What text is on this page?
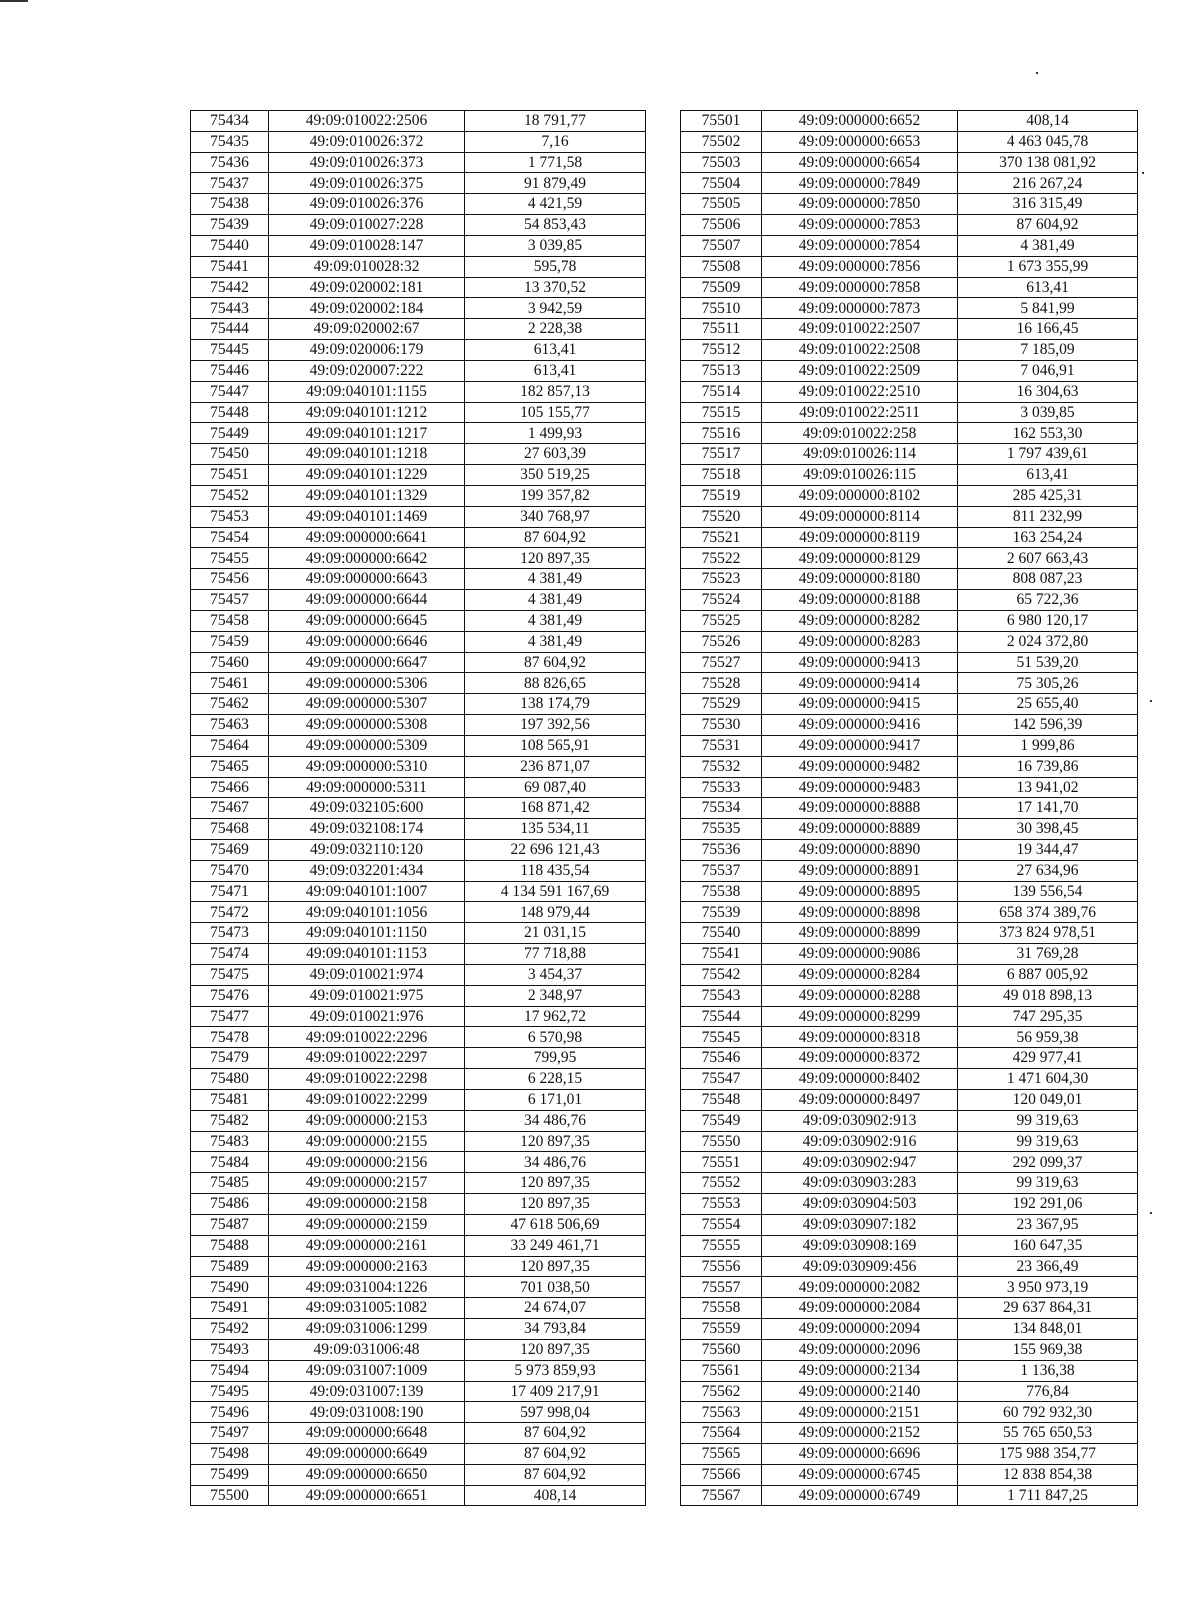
75434	49:09:010022:2506	18 791,77
75435	49:09:010026:372	7,16
75436	49:09:010026:373	1 771,58
75437	49:09:010026:375	91 879,49
75438	49:09:010026:376	4 421,59
75439	49:09:010027:228	54 853,43
75440	49:09:010028:147	3 039,85
75441	49:09:010028:32	595,78
75442	49:09:020002:181	13 370,52
75443	49:09:020002:184	3 942,59
75444	49:09:020002:67	2 228,38
75445	49:09:020006:179	613,41
75446	49:09:020007:222	613,41
75447	49:09:040101:1155	182 857,13
75448	49:09:040101:1212	105 155,77
75449	49:09:040101:1217	1 499,93
75450	49:09:040101:1218	27 603,39
75451	49:09:040101:1229	350 519,25
75452	49:09:040101:1329	199 357,82
75453	49:09:040101:1469	340 768,97
75454	49:09:000000:6641	87 604,92
75455	49:09:000000:6642	120 897,35
75456	49:09:000000:6643	4 381,49
75457	49:09:000000:6644	4 381,49
75458	49:09:000000:6645	4 381,49
75459	49:09:000000:6646	4 381,49
75460	49:09:000000:6647	87 604,92
75461	49:09:000000:5306	88 826,65
75462	49:09:000000:5307	138 174,79
75463	49:09:000000:5308	197 392,56
75464	49:09:000000:5309	108 565,91
75465	49:09:000000:5310	236 871,07
75466	49:09:000000:5311	69 087,40
75467	49:09:032105:600	168 871,42
75468	49:09:032108:174	135 534,11
75469	49:09:032110:120	22 696 121,43
75470	49:09:032201:434	118 435,54
75471	49:09:040101:1007	4 134 591 167,69
75472	49:09:040101:1056	148 979,44
75473	49:09:040101:1150	21 031,15
75474	49:09:040101:1153	77 718,88
75475	49:09:010021:974	3 454,37
75476	49:09:010021:975	2 348,97
75477	49:09:010021:976	17 962,72
75478	49:09:010022:2296	6 570,98
75479	49:09:010022:2297	799,95
75480	49:09:010022:2298	6 228,15
75481	49:09:010022:2299	6 171,01
75482	49:09:000000:2153	34 486,76
75483	49:09:000000:2155	120 897,35
75484	49:09:000000:2156	34 486,76
75485	49:09:000000:2157	120 897,35
75486	49:09:000000:2158	120 897,35
75487	49:09:000000:2159	47 618 506,69
75488	49:09:000000:2161	33 249 461,71
75489	49:09:000000:2163	120 897,35
75490	49:09:031004:1226	701 038,50
75491	49:09:031005:1082	24 674,07
75492	49:09:031006:1299	34 793,84
75493	49:09:031006:48	120 897,35
75494	49:09:031007:1009	5 973 859,93
75495	49:09:031007:139	17 409 217,91
75496	49:09:031008:190	597 998,04
75497	49:09:000000:6648	87 604,92
75498	49:09:000000:6649	87 604,92
75499	49:09:000000:6650	87 604,92
75500	49:09:000000:6651	408,14
75501	49:09:000000:6652	408,14
75502	49:09:000000:6653	4 463 045,78
75503	49:09:000000:6654	370 138 081,92
75504	49:09:000000:7849	216 267,24
75505	49:09:000000:7850	316 315,49
75506	49:09:000000:7853	87 604,92
75507	49:09:000000:7854	4 381,49
75508	49:09:000000:7856	1 673 355,99
75509	49:09:000000:7858	613,41
75510	49:09:000000:7873	5 841,99
75511	49:09:010022:2507	16 166,45
75512	49:09:010022:2508	7 185,09
75513	49:09:010022:2509	7 046,91
75514	49:09:010022:2510	16 304,63
75515	49:09:010022:2511	3 039,85
75516	49:09:010022:258	162 553,30
75517	49:09:010026:114	1 797 439,61
75518	49:09:010026:115	613,41
75519	49:09:000000:8102	285 425,31
75520	49:09:000000:8114	811 232,99
75521	49:09:000000:8119	163 254,24
75522	49:09:000000:8129	2 607 663,43
75523	49:09:000000:8180	808 087,23
75524	49:09:000000:8188	65 722,36
75525	49:09:000000:8282	6 980 120,17
75526	49:09:000000:8283	2 024 372,80
75527	49:09:000000:9413	51 539,20
75528	49:09:000000:9414	75 305,26
75529	49:09:000000:9415	25 655,40
75530	49:09:000000:9416	142 596,39
75531	49:09:000000:9417	1 999,86
75532	49:09:000000:9482	16 739,86
75533	49:09:000000:9483	13 941,02
75534	49:09:000000:8888	17 141,70
75535	49:09:000000:8889	30 398,45
75536	49:09:000000:8890	19 344,47
75537	49:09:000000:8891	27 634,96
75538	49:09:000000:8895	139 556,54
75539	49:09:000000:8898	658 374 389,76
75540	49:09:000000:8899	373 824 978,51
75541	49:09:000000:9086	31 769,28
75542	49:09:000000:8284	6 887 005,92
75543	49:09:000000:8288	49 018 898,13
75544	49:09:000000:8299	747 295,35
75545	49:09:000000:8318	56 959,38
75546	49:09:000000:8372	429 977,41
75547	49:09:000000:8402	1 471 604,30
75548	49:09:000000:8497	120 049,01
75549	49:09:030902:913	99 319,63
75550	49:09:030902:916	99 319,63
75551	49:09:030902:947	292 099,37
75552	49:09:030903:283	99 319,63
75553	49:09:030904:503	192 291,06
75554	49:09:030907:182	23 367,95
75555	49:09:030908:169	160 647,35
75556	49:09:030909:456	23 366,49
75557	49:09:000000:2082	3 950 973,19
75558	49:09:000000:2084	29 637 864,31
75559	49:09:000000:2094	134 848,01
75560	49:09:000000:2096	155 969,38
75561	49:09:000000:2134	1 136,38
75562	49:09:000000:2140	776,84
75563	49:09:000000:2151	60 792 932,30
75564	49:09:000000:2152	55 765 650,53
75565	49:09:000000:6696	175 988 354,77
75566	49:09:000000:6745	12 838 854,38
75567	49:09:000000:6749	1 711 847,25
